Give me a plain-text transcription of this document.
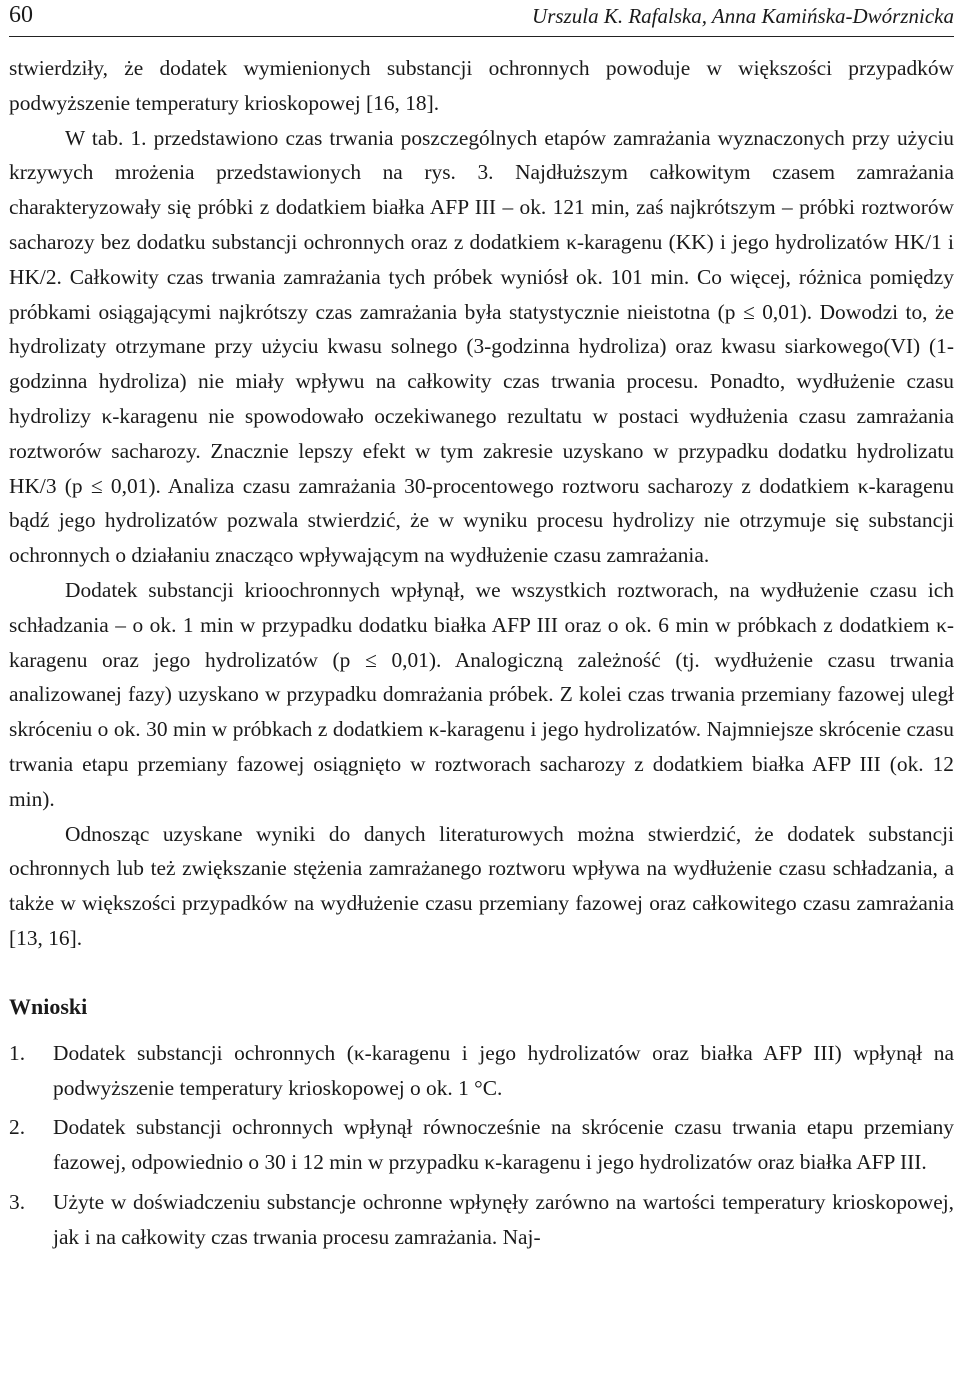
60	Urszula K. Rafalska, Anna Kamińska-Dwórznicka

stwierdziły, że dodatek wymienionych substancji ochronnych powoduje w większości przypadków podwyższenie temperatury krioskopowej [16, 18].

W tab. 1. przedstawiono czas trwania poszczególnych etapów zamrażania wyznaczonych przy użyciu krzywych mrożenia przedstawionych na rys. 3. Najdłuższym całkowitym czasem zamrażania charakteryzowały się próbki z dodatkiem białka AFP III – ok. 121 min, zaś najkrótszym – próbki roztworów sacharozy bez dodatku substancji ochronnych oraz z dodatkiem κ-karagenu (KK) i jego hydrolizatów HK/1 i HK/2. Całkowity czas trwania zamrażania tych próbek wyniósł ok. 101 min. Co więcej, różnica pomiędzy próbkami osiągającymi najkrótszy czas zamrażania była statystycznie nieistotna (p ≤ 0,01). Dowodzi to, że hydrolizaty otrzymane przy użyciu kwasu solnego (3-godzinna hydroliza) oraz kwasu siarkowego(VI) (1-godzinna hydroliza) nie miały wpływu na całkowity czas trwania procesu. Ponadto, wydłużenie czasu hydrolizy κ-karagenu nie spowodowało oczekiwanego rezultatu w postaci wydłużenia czasu zamrażania roztworów sacharozy. Znacznie lepszy efekt w tym zakresie uzyskano w przypadku dodatku hydrolizatu HK/3 (p ≤ 0,01). Analiza czasu zamrażania 30-procentowego roztworu sacharozy z dodatkiem κ-karagenu bądź jego hydrolizatów pozwala stwierdzić, że w wyniku procesu hydrolizy nie otrzymuje się substancji ochronnych o działaniu znacząco wpływającym na wydłużenie czasu zamrażania.

Dodatek substancji krioochronnych wpłynął, we wszystkich roztworach, na wydłużenie czasu ich schładzania – o ok. 1 min w przypadku dodatku białka AFP III oraz o ok. 6 min w próbkach z dodatkiem κ-karagenu oraz jego hydrolizatów (p ≤ 0,01). Analogiczną zależność (tj. wydłużenie czasu trwania analizowanej fazy) uzyskano w przypadku domrażania próbek. Z kolei czas trwania przemiany fazowej uległ skróceniu o ok. 30 min w próbkach z dodatkiem κ-karagenu i jego hydrolizatów. Najmniejsze skrócenie czasu trwania etapu przemiany fazowej osiągnięto w roztworach sacharozy z dodatkiem białka AFP III (ok. 12 min).

Odnosząc uzyskane wyniki do danych literaturowych można stwierdzić, że dodatek substancji ochronnych lub też zwiększanie stężenia zamrażanego roztworu wpływa na wydłużenie czasu schładzania, a także w większości przypadków na wydłużenie czasu przemiany fazowej oraz całkowitego czasu zamrażania [13, 16].

Wnioski
1.	Dodatek substancji ochronnych (κ-karagenu i jego hydrolizatów oraz białka AFP III) wpłynął na podwyższenie temperatury krioskopowej o ok. 1 °C.
2.	Dodatek substancji ochronnych wpłynął równocześnie na skrócenie czasu trwania etapu przemiany fazowej, odpowiednio o 30 i 12 min w przypadku κ-karagenu i jego hydrolizatów oraz białka AFP III.
3.	Użyte w doświadczeniu substancje ochronne wpłynęły zarówno na wartości temperatury krioskopowej, jak i na całkowity czas trwania procesu zamrażania. Naj-
